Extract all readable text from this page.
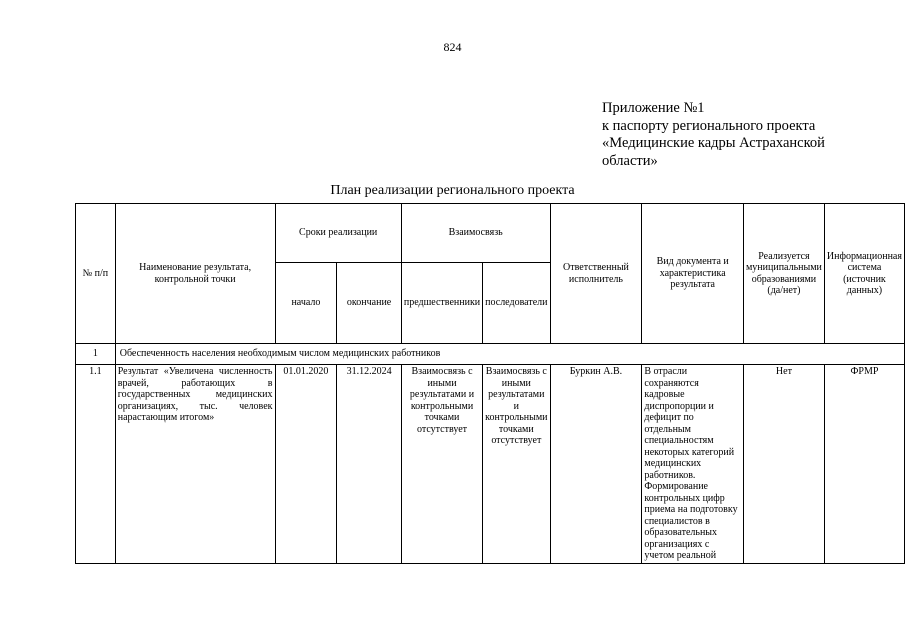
824
Приложение №1
к паспорту регионального проекта
«Медицинские кадры Астраханской
области»
План реализации регионального проекта
№ п/п	Наименование результата, контрольной точки	Сроки реализации		Взаимосвязь		Ответственный исполнитель	Вид документа и характеристика результата	Реализуется муниципальными образованиями (да/нет)	Информационная система (источник данных)
		начало	окончание	предшественники	последователи				
1	Обеспеченность населения необходимым числом медицинских работников								
1.1	Результат «Увеличена численность врачей, работающих в государственных медицинских организациях, тыс. человек нарастающим итогом»	01.01.2020	31.12.2024	Взаимосвязь с иными результатами и контрольными точками отсутствует	Взаимосвязь с иными результатами и контрольными точками отсутствует	Буркин А.В.	В отрасли сохраняются кадровые диспропорции и дефицит по отдельным специальностям некоторых категорий медицинских работников. Формирование контрольных цифр приема на подготовку специалистов в образовательных организациях с учетом реальной	Нет	ФРМР
